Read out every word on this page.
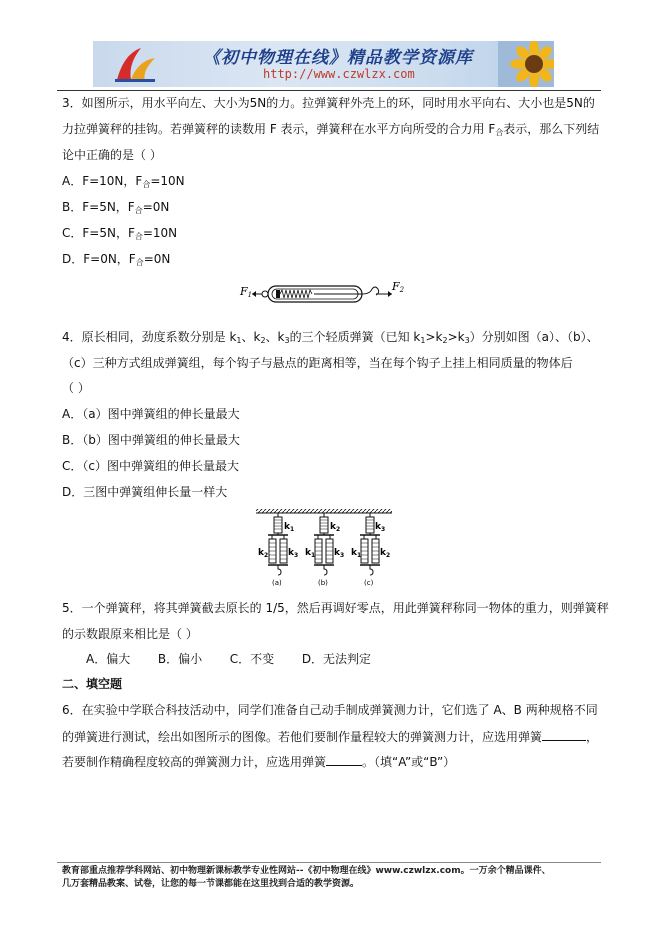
《初中物理在线》精品教学资源库
http://www.czwlzx.com
3．如图所示，用水平向左、大小为5N的力。拉弹簧秤外壳上的环，同时用水平向右、大小也是5N的
力拉弹簧秤的挂钩。若弹簧秤的读数用 F 表示，弹簧秤在水平方向所受的合力用 $F_合$表示，那么下列结
论中正确的是（ ）
A．F=10N，$F_合=10N$
B．F=5N，$F_合=0N$
C．F=5N，$F_合=10N$
D．F=0N，$F_合=0N$
F1
F2
4．原长相同，劲度系数分别是 $k_1$、$k_2$、$k_3$的三个轻质弹簧（已知 $k_1>k_2>k_3$）分别如图（a）、（b）、
（c）三种方式组成弹簧组，每个钩子与悬点的距离相等，当在每个钩子上挂上相同质量的物体后
（ ）
A．（a）图中弹簧组的伸长量最大
B．（b）图中弹簧组的伸长量最大
C．（c）图中弹簧组的伸长量最大
D．三图中弹簧组伸长量一样大
$k_1$
$k_2$ $k_3$
(a)
$k_2$
$k_1$ $k_3$
(b)
$k_3$
$k_1$ $k_2$
(c)
5．一个弹簧秤，将其弹簧截去原长的 1/5，然后再调好零点，用此弹簧秤称同一物体的重力，则弹簧秤
的示数跟原来相比是（ ）
A．偏大 B．偏小 C．不变 D．无法判定
二、填空题
6．在实验中学联合科技活动中，同学们准备自己动手制成弹簧测力计，它们选了 A、B 两种规格不同
的弹簧进行测试，绘出如图所示的图像。若他们要制作量程较大的弹簧测力计，应选用弹簧	，
若要制作精确程度较高的弹簧测力计，应选用弹簧	。（填“A”或“B”）
教育部重点推荐学科网站、初中物理新课标教学专业性网站--《初中物理在线》www.czwlzx.com。一万余个精品课件、
几万套精品教案、试卷，让您的每一节课都能在这里找到合适的教学资源。
